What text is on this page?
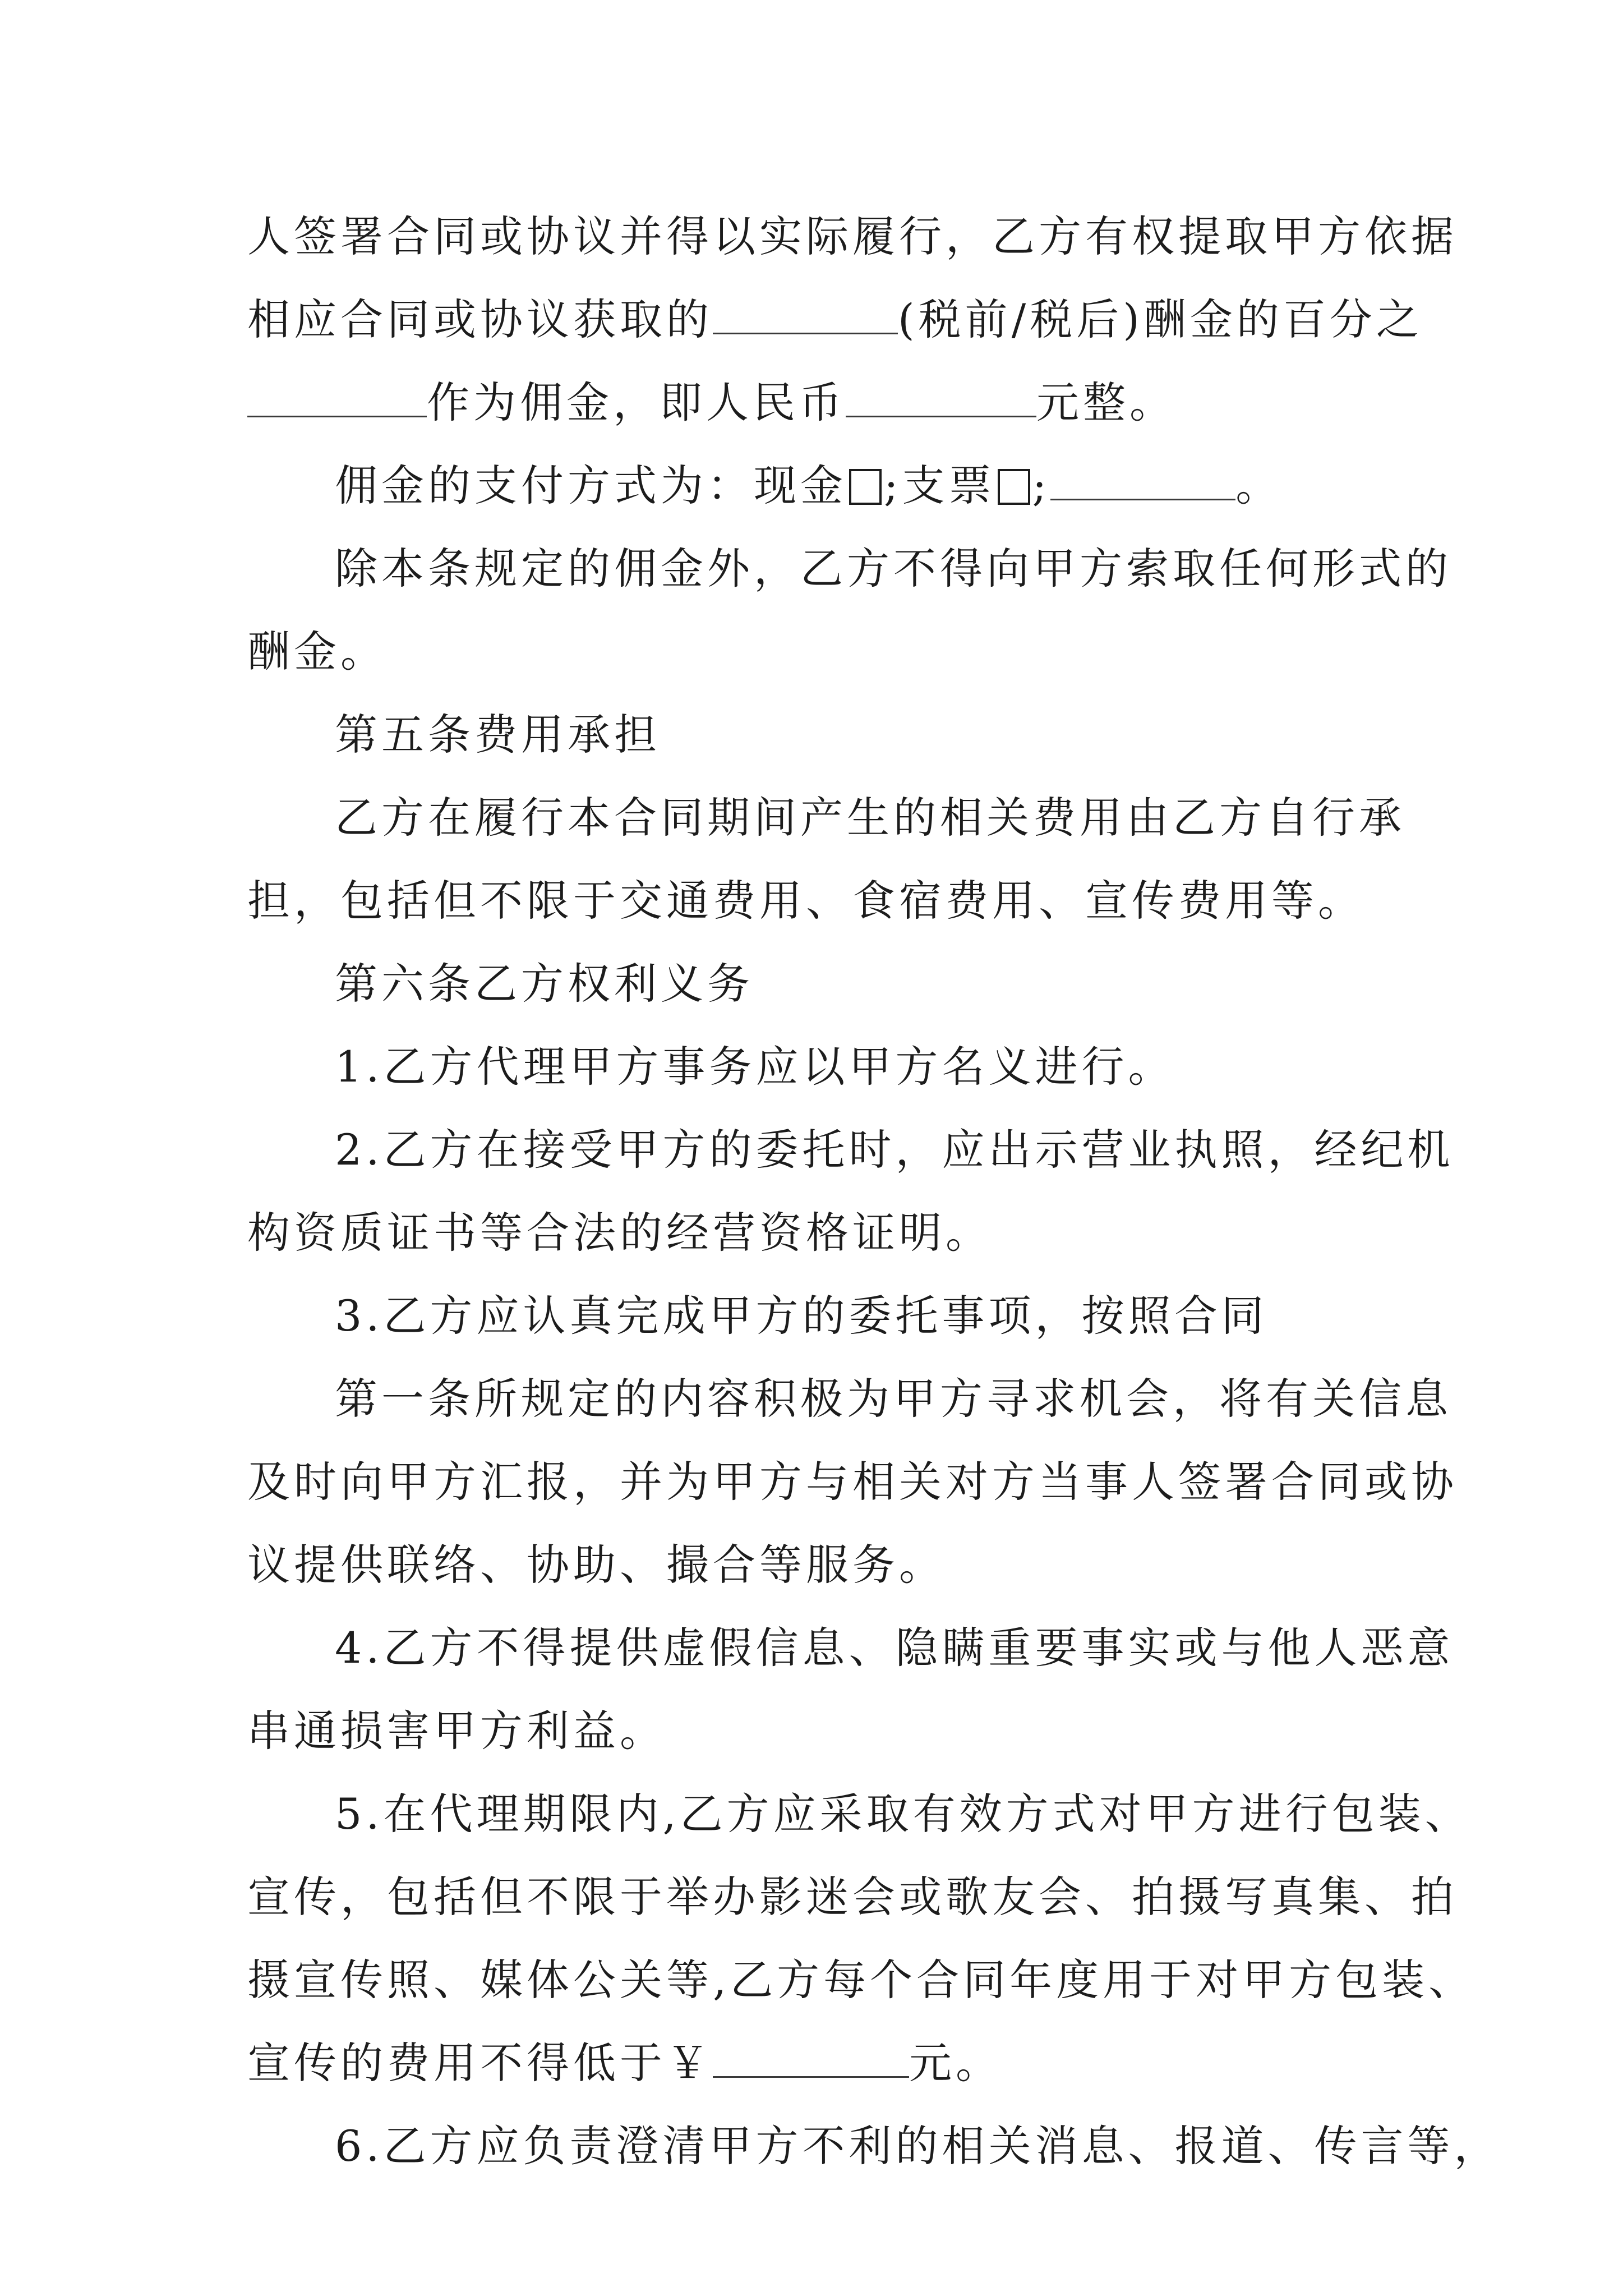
人签署合同或协议并得以实际履行，乙方有权提取甲方依据
相应合同或协议获取的	(税前/税后)酬金的百分之
作为佣金，即人民币	元整。
佣金的支付方式为：现金 ;支票 ;	。
除本条规定的佣金外，乙方不得向甲方索取任何形式的
酬金。
第五条费用承担
乙方在履行本合同期间产生的相关费用由乙方自行承
担，包括但不限于交通费用、食宿费用、宣传费用等。
第六条乙方权利义务
1.乙方代理甲方事务应以甲方名义进行。
2.乙方在接受甲方的委托时，应出示营业执照，经纪机
构资质证书等合法的经营资格证明。
3.乙方应认真完成甲方的委托事项，按照合同
第一条所规定的内容积极为甲方寻求机会，将有关信息
及时向甲方汇报，并为甲方与相关对方当事人签署合同或协
议提供联络、协助、撮合等服务。
4.乙方不得提供虚假信息、隐瞒重要事实或与他人恶意
串通损害甲方利益。
5.在代理期限内,乙方应采取有效方式对甲方进行包装、
宣传，包括但不限于举办影迷会或歌友会、拍摄写真集、拍
摄宣传照、媒体公关等,乙方每个合同年度用于对甲方包装、
宣传的费用不得低于￥	元。
6.乙方应负责澄清甲方不利的相关消息、报道、传言等，
